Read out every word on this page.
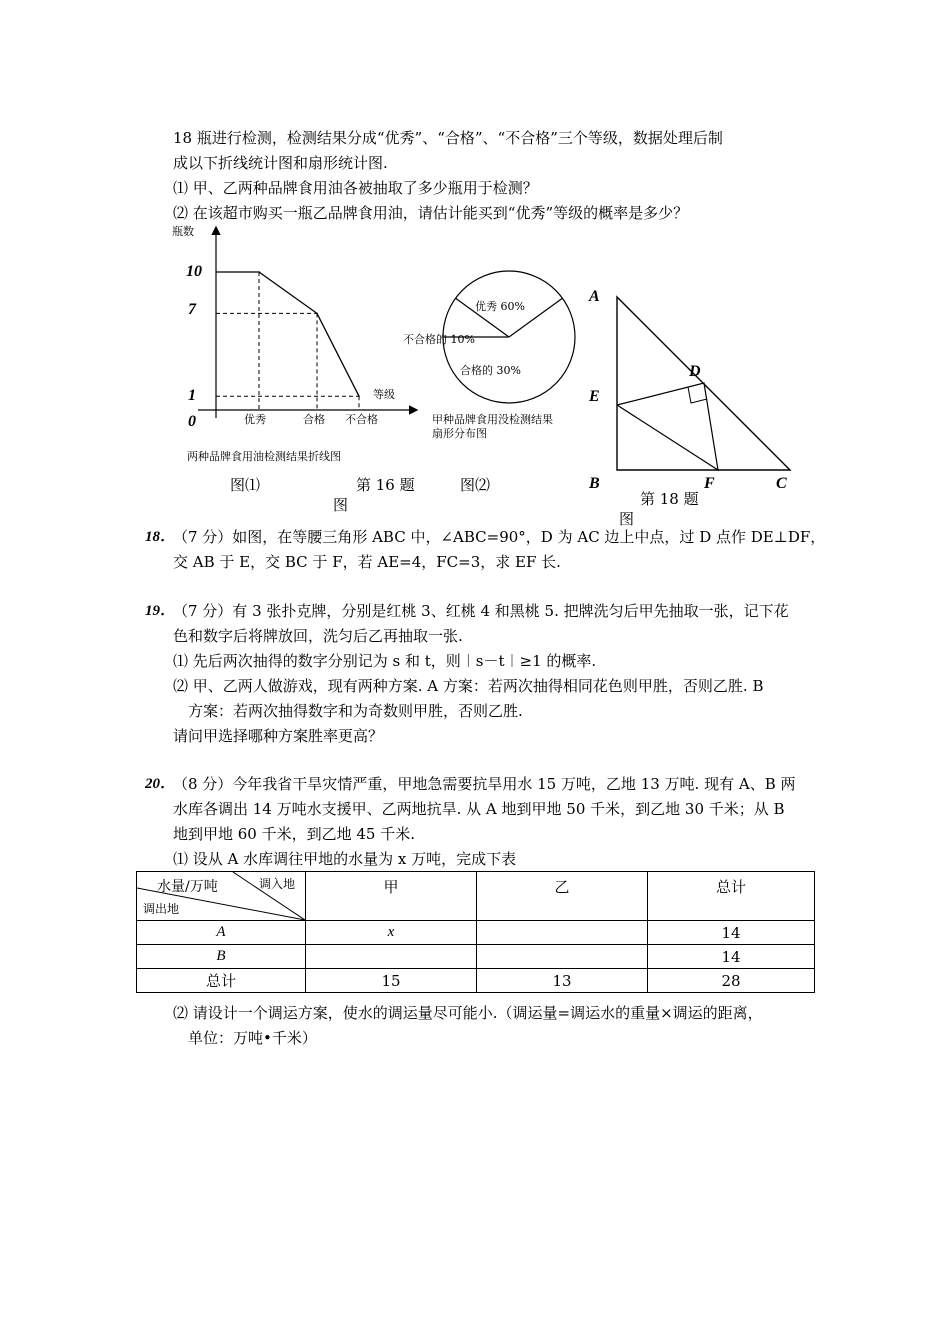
18 瓶进行检测，检测结果分成“优秀”、“合格”、“不合格”三个等级，数据处理后制
成以下折线统计图和扇形统计图.
⑴ 甲、乙两种品牌食用油各被抽取了多少瓶用于检测？
⑵ 在该超市购买一瓶乙品牌食用油，请估计能买到“优秀”等级的概率是多少？
瓶数
10
7
1
0
等级
优秀	合格 不合格
两种品牌食用油检测结果折线图
图⑴	第 16 题
图
优秀 60%
不合格的 10%
合格的 30%
甲种品牌食用没检测结果
扇形分布图
图⑵
A
E
B
D
F	C
第 18 题
图
18．
（7 分）如图，在等腰三角形 ABC 中，∠ABC=90°，D 为 AC 边上中点，过 D 点作 DE⊥DF，
交 AB 于 E，交 BC 于 F，若 AE=4，FC=3，求 EF 长.
19．
（7 分）有 3 张扑克牌，分别是红桃 3、红桃 4 和黑桃 5. 把牌洗匀后甲先抽取一张，记下花
色和数字后将牌放回，洗匀后乙再抽取一张.
⑴ 先后两次抽得的数字分别记为 s 和 t，则︱s－t︱≥1 的概率.
⑵ 甲、乙两人做游戏，现有两种方案. A 方案：若两次抽得相同花色则甲胜，否则乙胜. B
方案：若两次抽得数字和为奇数则甲胜，否则乙胜.
请问甲选择哪种方案胜率更高？
20．
（8 分）今年我省干旱灾情严重，甲地急需要抗旱用水 15 万吨，乙地 13 万吨. 现有 A、B 两
水库各调出 14 万吨水支援甲、乙两地抗旱. 从 A 地到甲地 50 千米，到乙地 30 千米；从 B
地到甲地 60 千米，到乙地 45 千米.
⑴ 设从 A 水库调往甲地的水量为 x 万吨，完成下表
水量/万吨 调入地
调出地	甲	乙	总计
A	x		14
B			14
总计	15	13	28
⑵ 请设计一个调运方案，使水的调运量尽可能小.（调运量=调运水的重量×调运的距离，
单位：万吨•千米）
